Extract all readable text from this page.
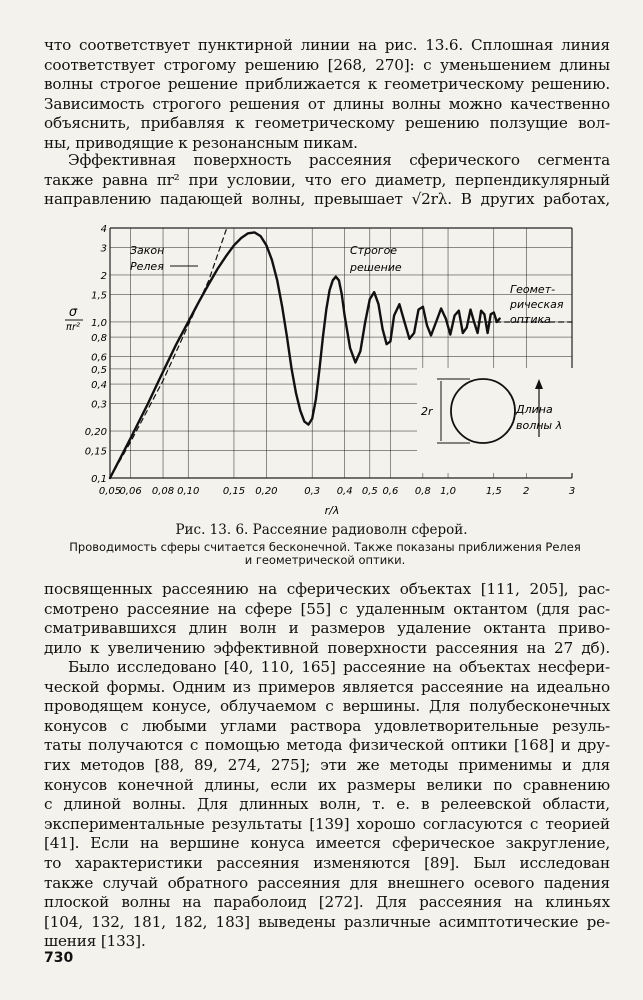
что соответствует пунктирной линии на рис. 13.6. Сплошная линия
соответствует строгому решению [268, 270]: с уменьшением длины
волны строгое решение приближается к геометрическому решению.
Зависимость строгого решения от длины волны можно качественно
объяснить, прибавляя к геометрическому решению ползущие вол-
ны, приводящие к резонансным пикам.
Эффективная поверхность рассеяния сферического сегмента
также равна πr² при условии, что его диаметр, перпендикулярный
направлению падающей волны, превышает √2rλ. В других работах,
0,1
0,15
0,20
0,3
0,4
0,5
0,6
0,8
1,0
1,5
2
3
4
0,05
0,06 0,08 0,10 0,15 0,20	0,3 0,4 0,5 0,6 0,8 1,0	1,5 2	3
σ
πr²
r/λ
Закон
Релея
Строгое
решение
Геомет-
рическая
оптика
2r	Длина
волны λ
Рис. 13. 6. Рассеяние радиоволн сферой.
Проводимость сферы считается бесконечной. Также показаны приближения Релея
и геометрической оптики.
посвященных рассеянию на сферических объектах [111, 205], рас-
смотрено рассеяние на сфере [55] с удаленным октантом (для рас-
сматривавшихся длин волн и размеров удаление октанта приво-
дило к увеличению эффективной поверхности рассеяния на 27 дб).
Было исследовано [40, 110, 165] рассеяние на объектах несфери-
ческой формы. Одним из примеров является рассеяние на идеально
проводящем конусе, облучаемом с вершины. Для полубесконечных
конусов с любыми углами раствора удовлетворительные резуль-
таты получаются с помощью метода физической оптики [168] и дру-
гих методов [88, 89, 274, 275]; эти же методы применимы и для
конусов конечной длины, если их размеры велики по сравнению
с длиной волны. Для длинных волн, т. е. в релеевской области,
экспериментальные результаты [139] хорошо согласуются с теорией
[41]. Если на вершине конуса имеется сферическое закругление,
то характеристики рассеяния изменяются [89]. Был исследован
также случай обратного рассеяния для внешнего осевого падения
плоской волны на параболоид [272]. Для рассеяния на клиньях
[104, 132, 181, 182, 183] выведены различные асимптотические ре-
шения [133].
730
